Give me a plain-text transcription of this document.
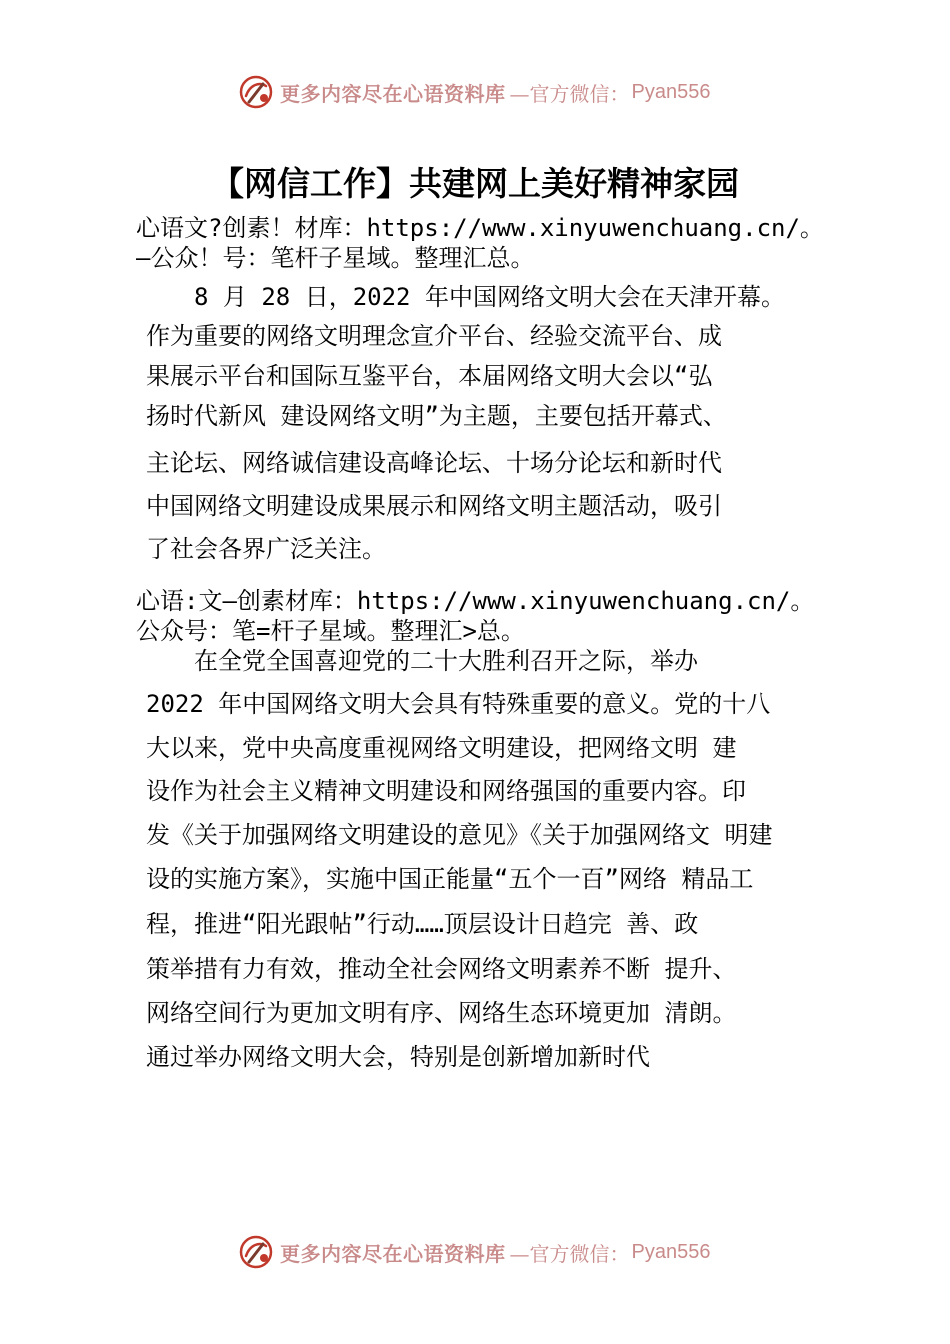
更多内容尽在心语资料库 —官方微信： Pyan556
【网信工作】共建网上美好精神家园
心语文?创素！材库：https://www.xinyuwenchuang.cn/。
—公众！号：笔杆子星域。整理汇总。
　　8 月 28 日，2022 年中国网络文明大会在天津开幕。
作为重要的网络文明理念宣介平台、经验交流平台、成
果展示平台和国际互鉴平台，本届网络文明大会以“弘
扬时代新风 建设网络文明”为主题，主要包括开幕式、
主论坛、网络诚信建设高峰论坛、十场分论坛和新时代
中国网络文明建设成果展示和网络文明主题活动，吸引
了社会各界广泛关注。
心语:文—创素材库：https://www.xinyuwenchuang.cn/。
公众号：笔=杆子星域。整理汇>总。
　　在全党全国喜迎党的二十大胜利召开之际，举办
2022 年中国网络文明大会具有特殊重要的意义。党的十八
大以来，党中央高度重视网络文明建设，把网络文明 建
设作为社会主义精神文明建设和网络强国的重要内容。印
发《关于加强网络文明建设的意见》《关于加强网络文 明建
设的实施方案》，实施中国正能量“五个一百”网络 精品工
程，推进“阳光跟帖”行动……顶层设计日趋完 善、政
策举措有力有效，推动全社会网络文明素养不断 提升、
网络空间行为更加文明有序、网络生态环境更加 清朗。
通过举办网络文明大会，特别是创新增加新时代
更多内容尽在心语资料库 —官方微信： Pyan556
